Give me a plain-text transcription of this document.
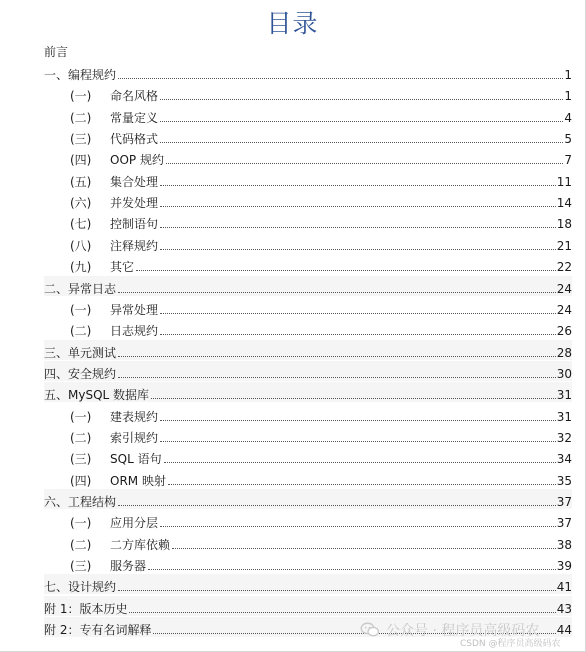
目录
前言
一、 编程规约	1
(一)	命名风格	1
(二)	常量定义	4
(三)	代码格式	5
(四)	OOP 规约	7
(五)	集合处理	11
(六)	并发处理	14
(七)	控制语句	18
(八)	注释规约	21
(九)	其它	22
二、 异常日志	24
(一)	异常处理	24
(二)	日志规约	26
三、 单元测试	28
四、 安全规约	30
五、 MySQL 数据库	31
(一)	建表规约	31
(二)	索引规约	32
(三)	SQL 语句	34
(四)	ORM 映射	35
六、 工程结构	37
(一)	应用分层	37
(二)	二方库依赖	38
(三)	服务器	39
七、 设计规约	41
附 1： 版本历史	43
附 2： 专有名词解释	44
公众号 · 程序员高级码农
CSDN @程序员高级码农
